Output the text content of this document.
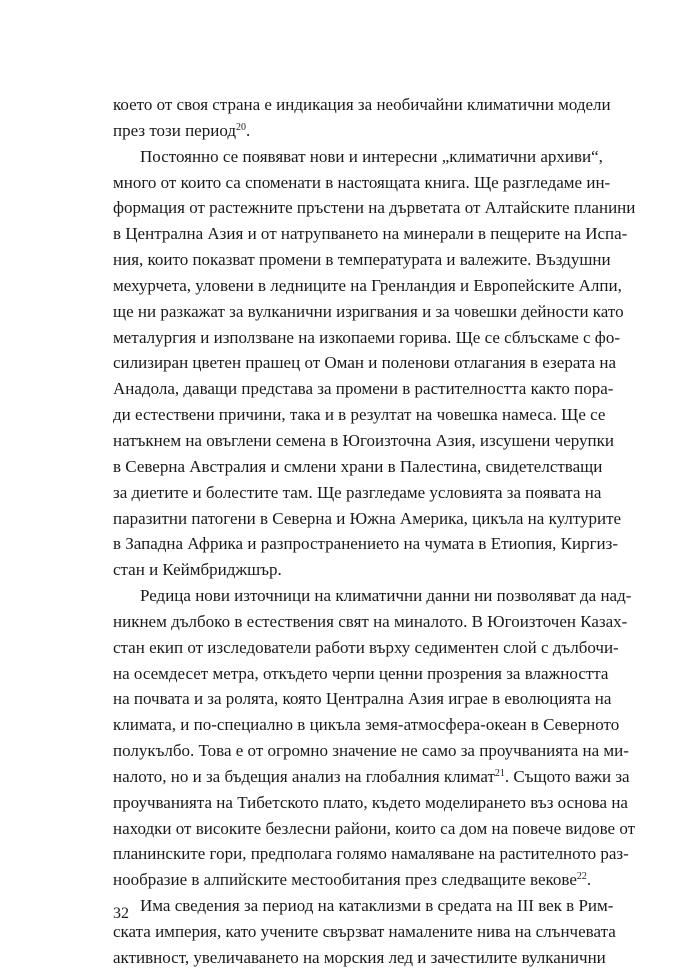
което от своя страна е индикация за необичайни климатични модели
през този период$^{20}$.
Постоянно се появяват нови и интересни „климатични архиви“,
много от които са споменати в настоящата книга. Ще разгледаме ин-
формация от растежните пръстени на дърветата от Алтайските планини
в Централна Азия и от натрупването на минерали в пещерите на Испа-
ния, които показват промени в температурата и валежите. Въздушни
мехурчета, уловени в ледниците на Гренландия и Европейските Алпи,
ще ни разкажат за вулканични изригвания и за човешки дейности като
металургия и използване на изкопаеми горива. Ще се сблъскаме с фо-
силизиран цветен прашец от Оман и поленови отлагания в езерата на
Анадола, даващи представа за промени в растителността както пора-
ди естествени причини, така и в резултат на човешка намеса. Ще се
натъкнем на овъглени семена в Югоизточна Азия, изсушени черупки
в Северна Австралия и смлени храни в Палестина, свидетелстващи
за диетите и болестите там. Ще разгледаме условията за появата на
паразитни патогени в Северна и Южна Америка, цикъла на културите
в Западна Африка и разпространението на чумата в Етиопия, Киргиз-
стан и Кеймбриджшър.
Редица нови източници на климатични данни ни позволяват да над-
никнем дълбоко в естествения свят на миналото. В Югоизточен Казах-
стан екип от изследователи работи върху седиментен слой с дълбочи-
на осемдесет метра, откъдето черпи ценни прозрения за влажността
на почвата и за ролята, която Централна Азия играе в еволюцията на
климата, и по-специално в цикъла земя-атмосфера-океан в Северното
полукълбо. Това е от огромно значение не само за проучванията на ми-
налото, но и за бъдещия анализ на глобалния климат$^{21}$. Същото важи за
проучванията на Тибетското плато, където моделирането въз основа на
находки от високите безлесни райони, които са дом на повече видове от
планинските гори, предполага голямо намаляване на растителното раз-
нообразие в алпийските местообитания през следващите векове$^{22}$.
Има сведения за период на катаклизми в средата на III век в Рим-
ската империя, като учените свързват намалените нива на слънчевата
активност, увеличаването на морския лед и зачестилите вулканични
32
